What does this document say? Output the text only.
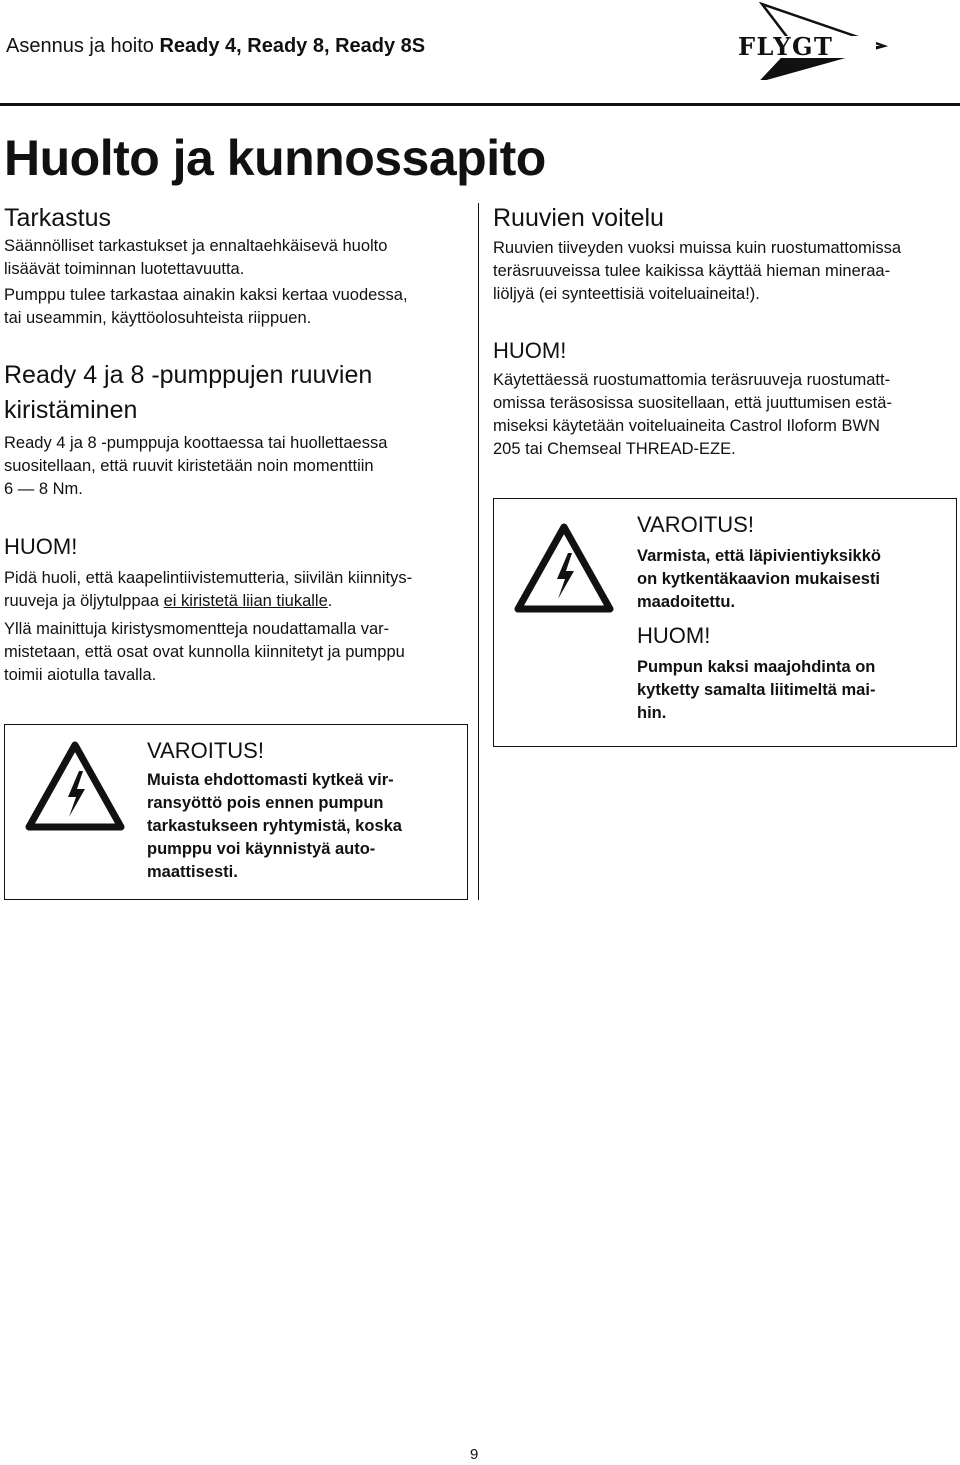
Asennus ja hoito Ready 4, Ready 8, Ready 8S	FLYGT
Huolto ja kunnossapito
Tarkastus

Säännölliset tarkastukset ja ennaltaehkäisevä huolto

lisäävät toiminnan luotettavuutta.

Pumppu tulee tarkastaa ainakin kaksi kertaa vuodessa,

tai useammin, käyttöolosuhteista riippuen.

Ready 4 ja 8 -pumppujen ruuvien
kiristäminen

Ready 4 ja 8 -pumppuja koottaessa tai huollettaessa

suositellaan, että ruuvit kiristetään noin momenttiin

6 — 8 Nm.

HUOM!

Pidä huoli, että kaapelintiivistemutteria, siivilän kiinnitys-

ruuveja ja öljytulppaa ei kiristetä liian tiukalle.

Yllä mainittuja kiristysmomentteja noudattamalla var-

mistetaan, että osat ovat kunnolla kiinnitetyt ja pumppu

toimii aiotulla tavalla.

VAROITUS!
Muista ehdottomasti kytkeä vir-
ransyöttö pois ennen pumpun
tarkastukseen ryhtymistä, koska
pumppu voi käynnistyä auto-
maattisesti.
Ruuvien voitelu

Ruuvien tiiveyden vuoksi muissa kuin ruostumattomissa

teräsruuveissa tulee kaikissa käyttää hieman mineraa-

liöljyä (ei synteettisiä voiteluaineita!).

HUOM!

Käytettäessä ruostumattomia teräsruuveja ruostumatt-

omissa teräsosissa suositellaan, että juuttumisen estä-

miseksi käytetään voiteluaineita Castrol Iloform BWN

205 tai Chemseal THREAD-EZE.

VAROITUS!
Varmista, että läpivientiyksikkö
on kytkentäkaavion mukaisesti
maadoitettu.
HUOM!
Pumpun kaksi maajohdinta on
kytketty samalta liitimeltä mai-
hin.
9
